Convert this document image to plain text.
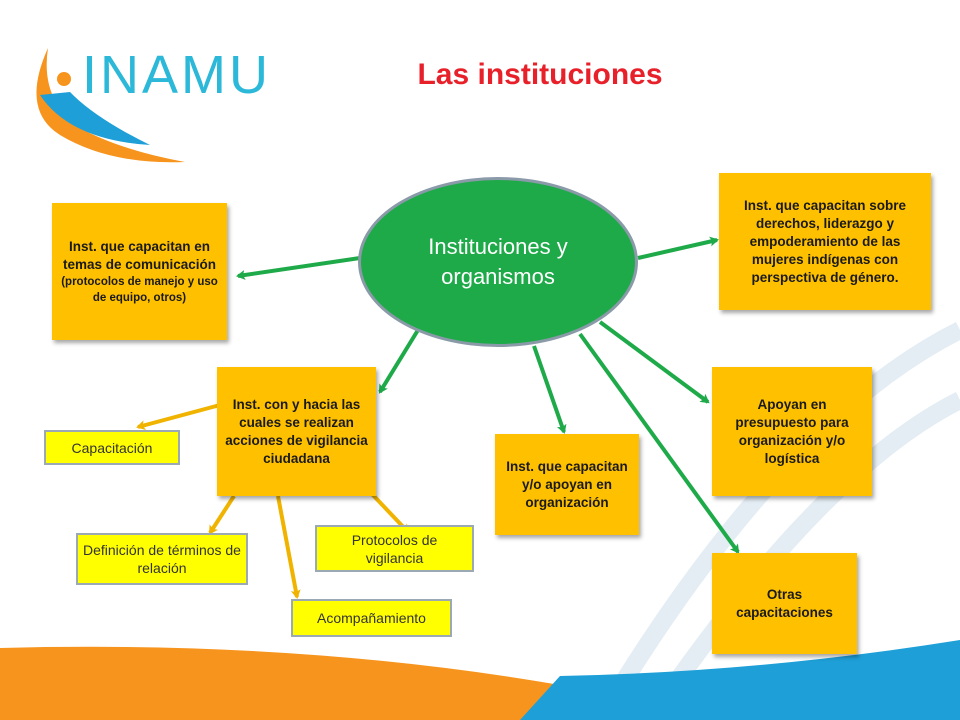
INAMU	Las instituciones
Instituciones y organismos
Inst. que capacitan en temas de comunicación
(protocolos de manejo y uso de equipo, otros)
Inst. que capacitan sobre derechos, liderazgo y empoderamiento de las mujeres indígenas con perspectiva de género.
Inst. con y hacia las cuales se realizan acciones de vigilancia ciudadana
Inst. que capacitan y/o apoyan en organización
Apoyan en presupuesto para organización y/o logística
Otras capacitaciones
Capacitación
Definición de términos de relación
Acompañamiento
Protocolos de vigilancia
